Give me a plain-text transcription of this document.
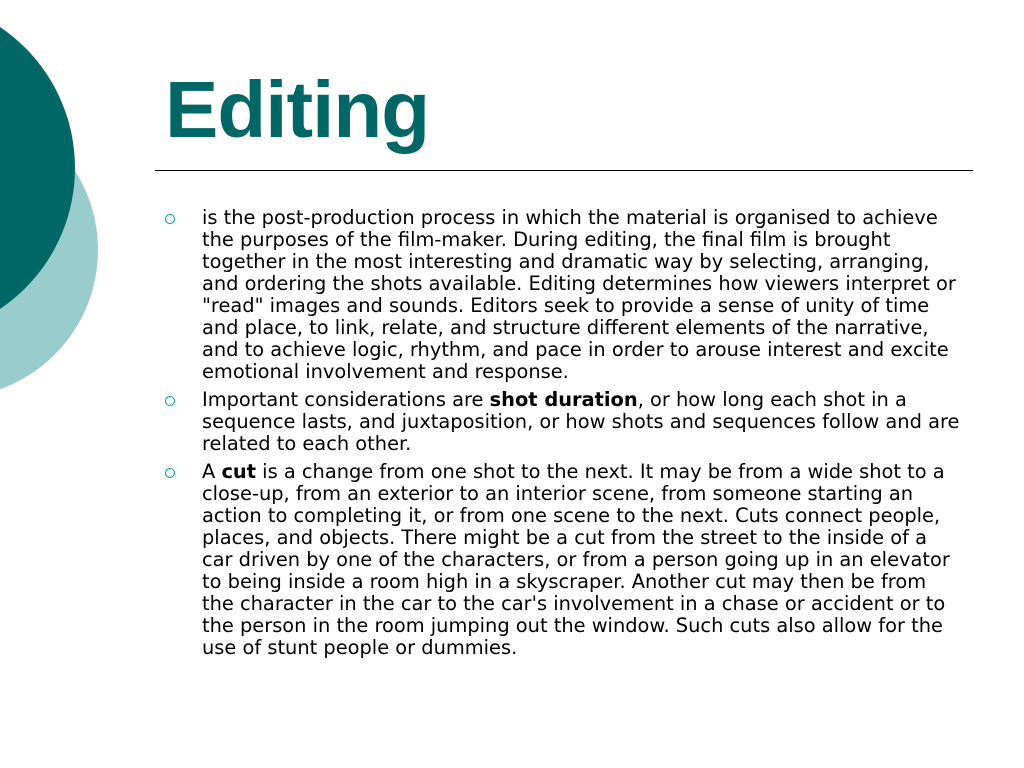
Editing
is the post-production process in which the material is organised to achieve the purposes of the film-maker. During editing, the final film is brought together in the most interesting and dramatic way by selecting, arranging, and ordering the shots available. Editing determines how viewers interpret or "read" images and sounds. Editors seek to provide a sense of unity of time and place, to link, relate, and structure different elements of the narrative, and to achieve logic, rhythm, and pace in order to arouse interest and excite emotional involvement and response.
Important considerations are shot duration, or how long each shot in a sequence lasts, and juxtaposition, or how shots and sequences follow and are related to each other.
A cut is a change from one shot to the next. It may be from a wide shot to a close-up, from an exterior to an interior scene, from someone starting an action to completing it, or from one scene to the next. Cuts connect people, places, and objects. There might be a cut from the street to the inside of a car driven by one of the characters, or from a person going up in an elevator to being inside a room high in a skyscraper. Another cut may then be from the character in the car to the car's involvement in a chase or accident or to the person in the room jumping out the window. Such cuts also allow for the use of stunt people or dummies.
